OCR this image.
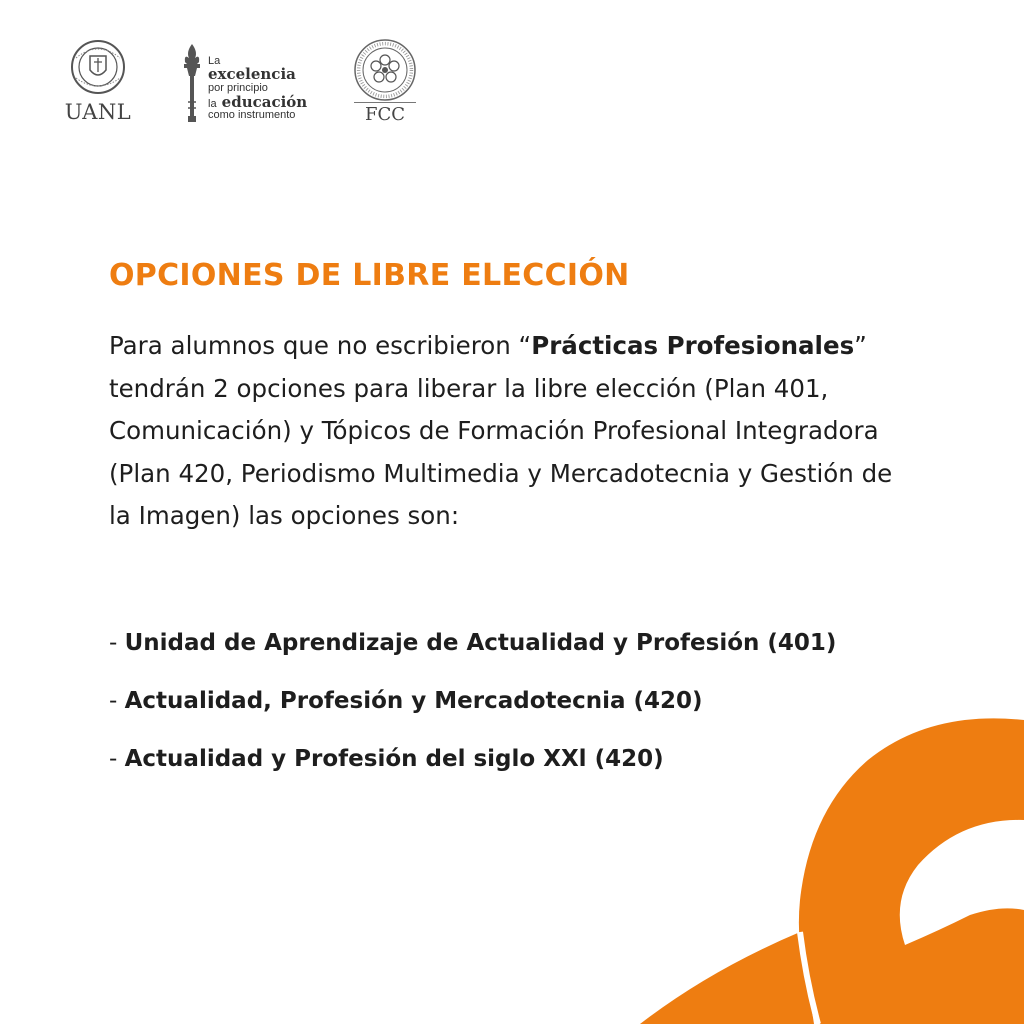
UANL
La
excelencia
por principio
la educación
como instrumento	FCC
OPCIONES DE LIBRE ELECCIÓN

Para alumnos que no escribieron “Prácticas Profesionales” tendrán 2 opciones para liberar la libre elección (Plan 401, Comunicación) y Tópicos de Formación Profesional Integradora (Plan 420, Periodismo Multimedia y Mercadotecnia y Gestión de la Imagen) las opciones son:

- Unidad de Aprendizaje de Actualidad y Profesión (401)
- Actualidad, Profesión y Mercadotecnia (420)
- Actualidad y Profesión del siglo XXl (420)
